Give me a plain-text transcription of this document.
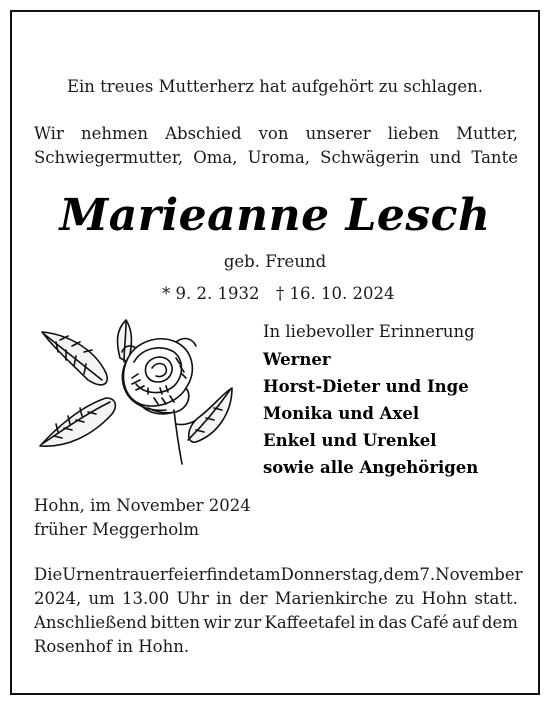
Ein treues Mutterherz hat aufgehört zu schlagen.
Wir nehmen Abschied von unserer lieben Mutter,
Schwiegermutter, Oma, Uroma, Schwägerin und Tante
Marieanne Lesch
geb. Freund
* 9. 2. 1932 † 16. 10. 2024
In liebevoller Erinnerung
Werner
Horst-Dieter und Inge
Monika und Axel
Enkel und Urenkel
sowie alle Angehörigen
Hohn, im November 2024
früher Meggerholm
Die Urnentrauerfeier findet am Donnerstag, dem 7. November
2024, um 13.00 Uhr in der Marienkirche zu Hohn statt.
Anschließend bitten wir zur Kaffeetafel in das Café auf dem
Rosenhof in Hohn.
